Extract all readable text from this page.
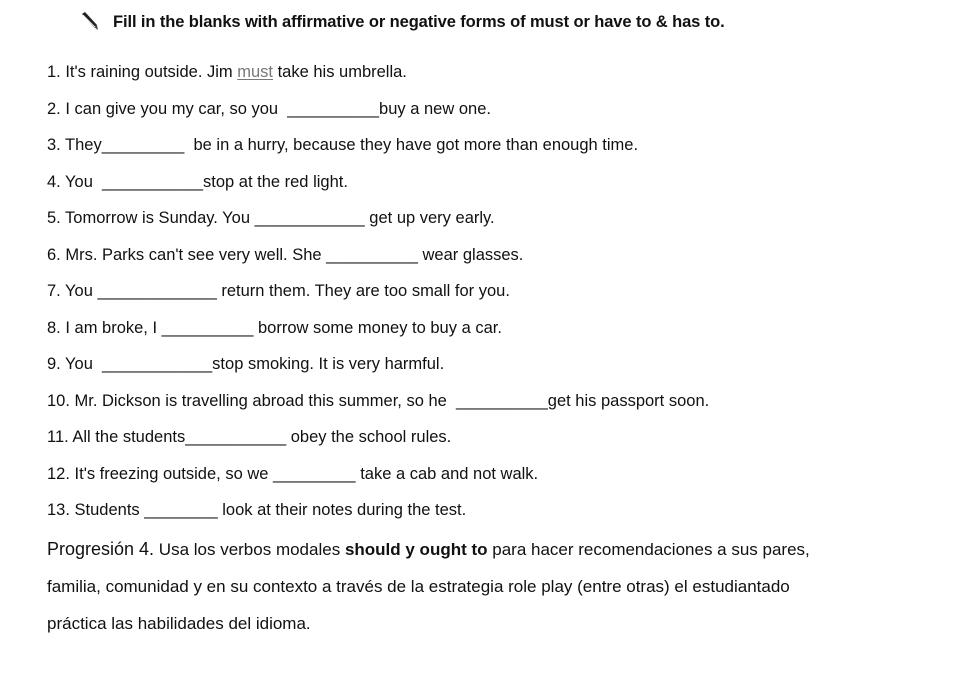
Fill in the blanks with affirmative or negative forms of must or have to & has to.
1. It's raining outside. Jim must take his umbrella.
2. I can give you my car, so you  __________buy a new one.
3. They_________  be in a hurry, because they have got more than enough time.
4. You  ___________stop at the red light.
5. Tomorrow is Sunday. You ____________ get up very early.
6. Mrs. Parks can't see very well. She __________ wear glasses.
7. You _____________ return them. They are too small for you.
8. I am broke, I __________ borrow some money to buy a car.
9. You  ____________stop smoking. It is very harmful.
10. Mr. Dickson is travelling abroad this summer, so he  __________get his passport soon.
11. All the students___________ obey the school rules.
12. It's freezing outside, so we _________ take a cab and not walk.
13. Students ________ look at their notes during the test.
Progresión 4. Usa los verbos modales should y ought to para hacer recomendaciones a sus pares,
familia, comunidad y en su contexto a través de la estrategia role play (entre otras) el estudiantado
práctica las habilidades del idioma.
